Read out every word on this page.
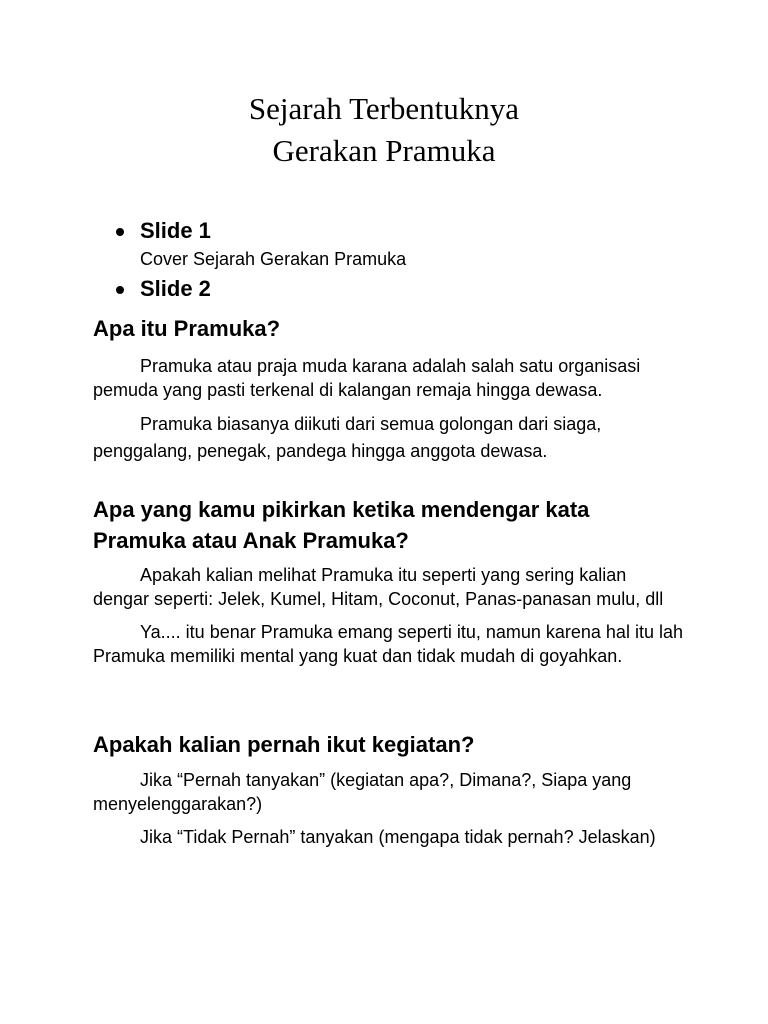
Sejarah Terbentuknya
Gerakan Pramuka
Slide 1
Cover Sejarah Gerakan Pramuka
Slide 2
Apa itu Pramuka?

Pramuka atau praja muda karana adalah salah satu organisasi pemuda yang pasti terkenal di kalangan remaja hingga dewasa.

Pramuka biasanya diikuti dari semua golongan dari siaga, penggalang, penegak, pandega hingga anggota dewasa.

Apa yang kamu pikirkan ketika mendengar kata Pramuka atau Anak Pramuka?

Apakah kalian melihat Pramuka itu seperti yang sering kalian dengar seperti: Jelek, Kumel, Hitam, Coconut, Panas-panasan mulu, dll

Ya.... itu benar Pramuka emang seperti itu, namun karena hal itu lah Pramuka memiliki mental yang kuat dan tidak mudah di goyahkan.

Apakah kalian pernah ikut kegiatan?

Jika “Pernah tanyakan” (kegiatan apa?, Dimana?, Siapa yang menyelenggarakan?)

Jika “Tidak Pernah” tanyakan (mengapa tidak pernah? Jelaskan)
